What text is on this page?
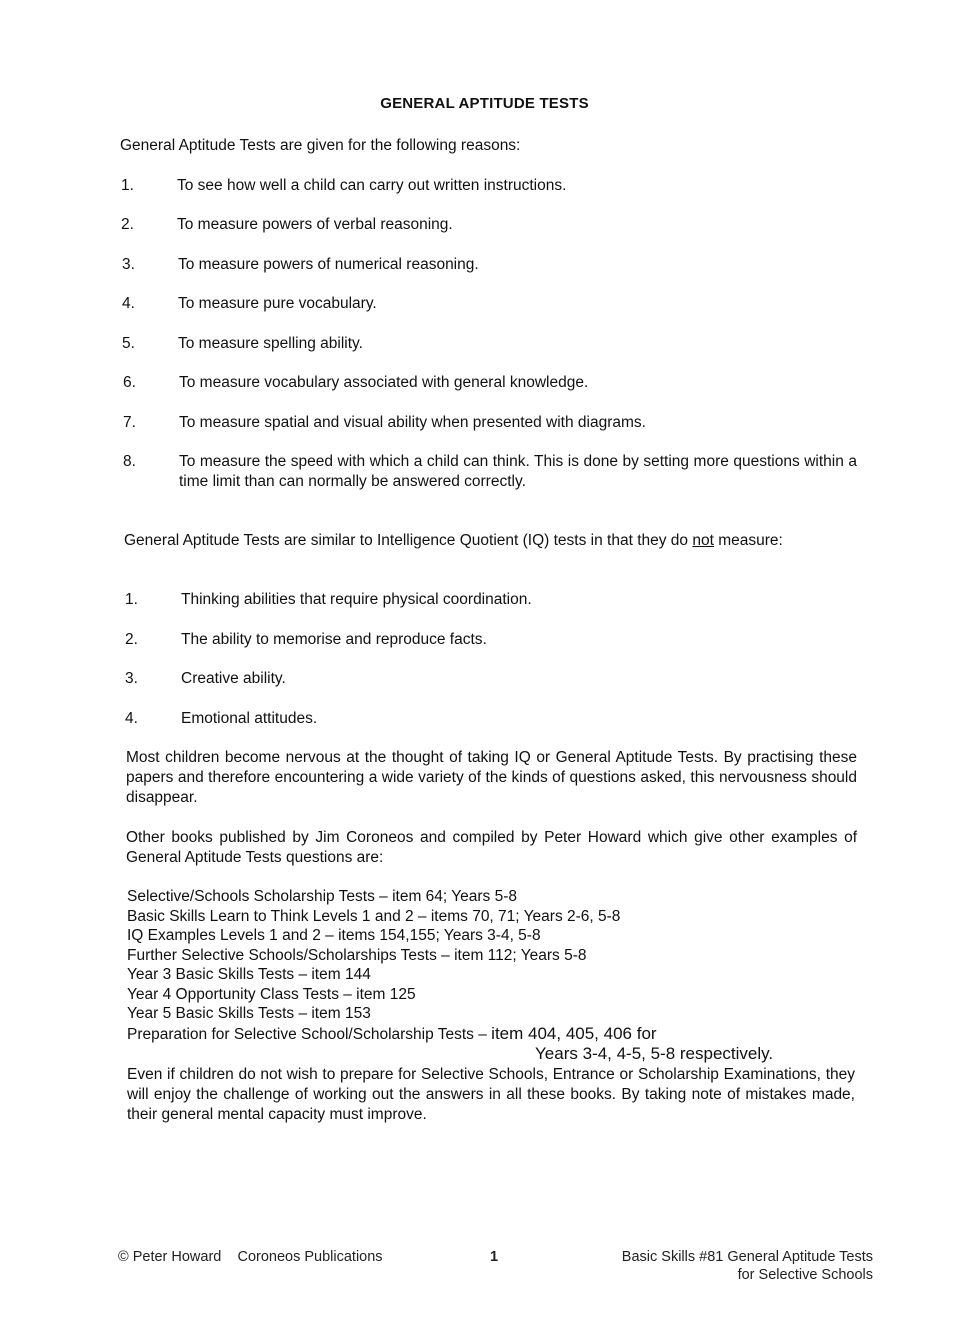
GENERAL APTITUDE TESTS
General Aptitude Tests are given for the following reasons:
1.	To see how well a child can carry out written instructions.
2.	To measure powers of verbal reasoning.
3.	To measure powers of numerical reasoning.
4.	To measure pure vocabulary.
5.	To measure spelling ability.
6.	To measure vocabulary associated with general knowledge.
7.	To measure spatial and visual ability when presented with diagrams.
8.	To measure the speed with which a child can think. This is done by setting more questions within a time limit than can normally be answered correctly.
General Aptitude Tests are similar to Intelligence Quotient (IQ) tests in that they do not measure:
1.	Thinking abilities that require physical coordination.
2.	The ability to memorise and reproduce facts.
3.	Creative ability.
4.	Emotional attitudes.
Most children become nervous at the thought of taking IQ or General Aptitude Tests. By practising these papers and therefore encountering a wide variety of the kinds of questions asked, this nervousness should disappear.
Other books published by Jim Coroneos and compiled by Peter Howard which give other examples of General Aptitude Tests questions are:
Selective/Schools Scholarship Tests – item 64; Years 5-8
Basic Skills Learn to Think Levels 1 and 2 – items 70, 71; Years 2-6, 5-8
IQ Examples Levels 1 and 2 – items 154,155; Years 3-4, 5-8
Further Selective Schools/Scholarships Tests – item 112; Years 5-8
Year 3 Basic Skills Tests – item 144
Year 4 Opportunity Class Tests – item 125
Year 5 Basic Skills Tests – item 153
Preparation for Selective School/Scholarship Tests – item 404, 405, 406 for
Years 3-4, 4-5, 5-8 respectively.
Even if children do not wish to prepare for Selective Schools, Entrance or Scholarship Examinations, they will enjoy the challenge of working out the answers in all these books. By taking note of mistakes made, their general mental capacity must improve.
© Peter Howard    Coroneos Publications	1	Basic Skills #81 General Aptitude Tests
for Selective Schools
